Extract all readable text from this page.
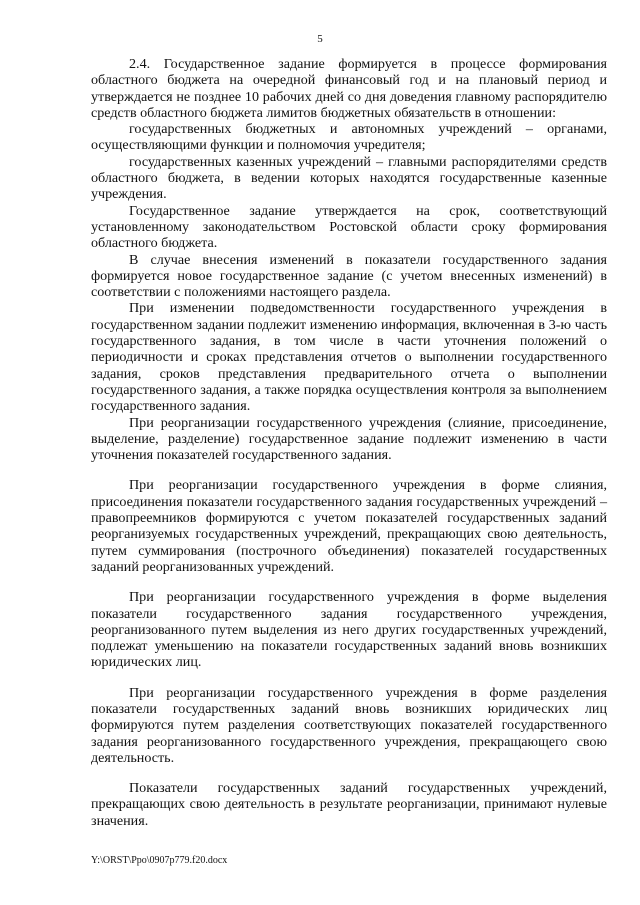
5

2.4. Государственное задание формируется в процессе формирования областного бюджета на очередной финансовый год и на плановый период и утверждается не позднее 10 рабочих дней со дня доведения главному распорядителю средств областного бюджета лимитов бюджетных обязательств в отношении:

государственных бюджетных и автономных учреждений – органами, осуществляющими функции и полномочия учредителя;

государственных казенных учреждений – главными распорядителями средств областного бюджета, в ведении которых находятся государственные казенные учреждения.

Государственное задание утверждается на срок, соответствующий установленному законодательством Ростовской области сроку формирования областного бюджета.

В случае внесения изменений в показатели государственного задания формируется новое государственное задание (с учетом внесенных изменений) в соответствии с положениями настоящего раздела.

При изменении подведомственности государственного учреждения в государственном задании подлежит изменению информация, включенная в 3-ю часть государственного задания, в том числе в части уточнения положений о периодичности и сроках представления отчетов о выполнении государственного задания, сроков представления предварительного отчета о выполнении государственного задания, а также порядка осуществления контроля за выполнением государственного задания.

При реорганизации государственного учреждения (слияние, присоединение, выделение, разделение) государственное задание подлежит изменению в части уточнения показателей государственного задания.

При реорганизации государственного учреждения в форме слияния, присоединения показатели государственного задания государственных учреждений – правопреемников формируются с учетом показателей государственных заданий реорганизуемых государственных учреждений, прекращающих свою деятельность, путем суммирования (построчного объединения) показателей государственных заданий реорганизованных учреждений.

При реорганизации государственного учреждения в форме выделения показатели государственного задания государственного учреждения, реорганизованного путем выделения из него других государственных учреждений, подлежат уменьшению на показатели государственных заданий вновь возникших юридических лиц.

При реорганизации государственного учреждения в форме разделения показатели государственных заданий вновь возникших юридических лиц формируются путем разделения соответствующих показателей государственного задания реорганизованного государственного учреждения, прекращающего свою деятельность.

Показатели государственных заданий государственных учреждений, прекращающих свою деятельность в результате реорганизации, принимают нулевые значения.

Y:\ORST\Ppo\0907p779.f20.docx
